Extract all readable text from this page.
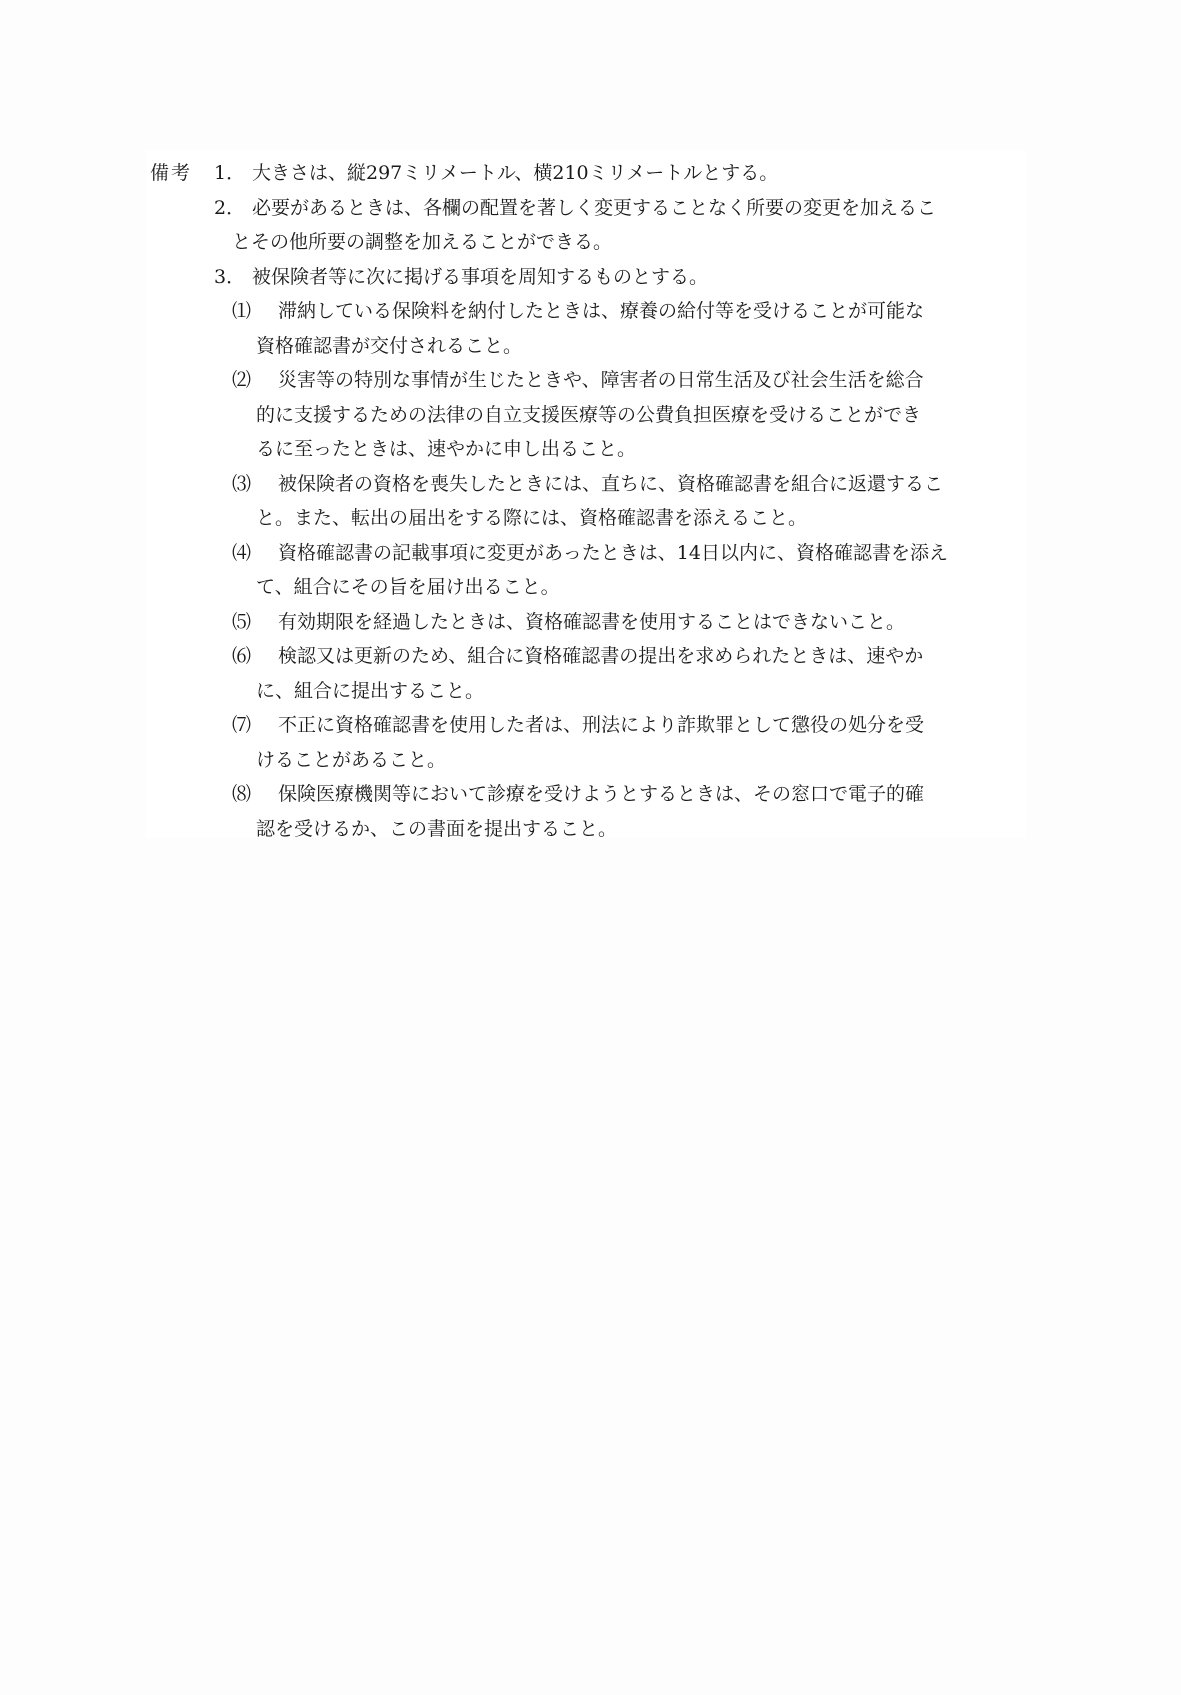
備考 1． 大きさは、縦297ミリメートル、横210ミリメートルとする。
2． 必要があるときは、各欄の配置を著しく変更することなく所要の変更を加えるこ
とその他所要の調整を加えることができる。
3． 被保険者等に次に掲げる事項を周知するものとする。
⑴ 滞納している保険料を納付したときは、療養の給付等を受けることが可能な
資格確認書が交付されること。
⑵ 災害等の特別な事情が生じたときや、障害者の日常生活及び社会生活を総合
的に支援するための法律の自立支援医療等の公費負担医療を受けることができ
るに至ったときは、速やかに申し出ること。
⑶ 被保険者の資格を喪失したときには、直ちに、資格確認書を組合に返還するこ
と。また、転出の届出をする際には、資格確認書を添えること。
⑷ 資格確認書の記載事項に変更があったときは、14日以内に、資格確認書を添え
て、組合にその旨を届け出ること。
⑸ 有効期限を経過したときは、資格確認書を使用することはできないこと。
⑹ 検認又は更新のため、組合に資格確認書の提出を求められたときは、速やか
に、組合に提出すること。
⑺ 不正に資格確認書を使用した者は、刑法により詐欺罪として懲役の処分を受
けることがあること。
⑻ 保険医療機関等において診療を受けようとするときは、その窓口で電子的確
認を受けるか、この書面を提出すること。
